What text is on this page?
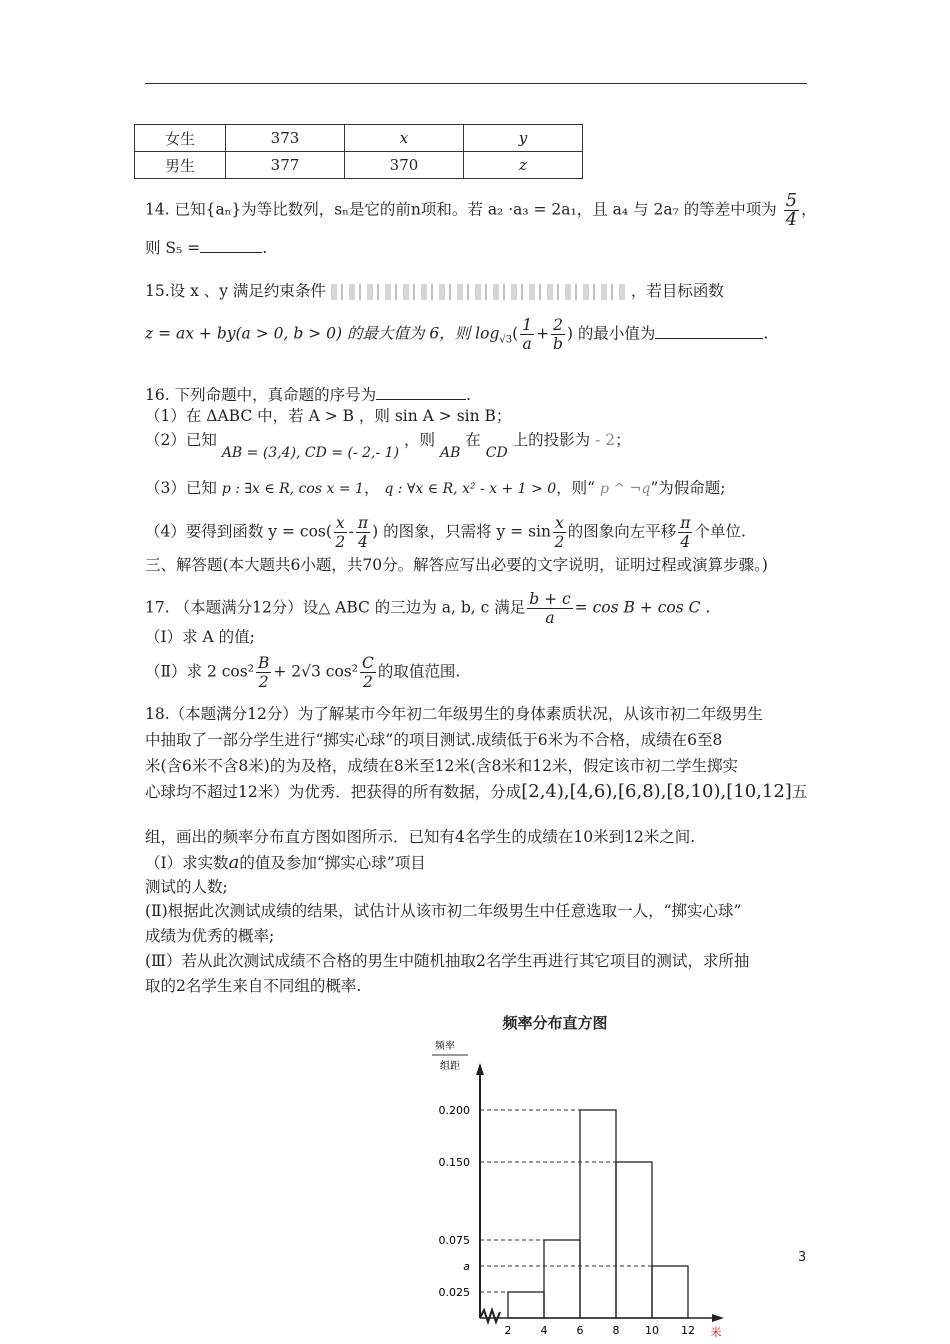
女生	373	x	y
男生	377	370	z
14. 已知{aₙ}为等比数列，sₙ是它的前n项和。若 a₂ ·a₃ = 2a₁，且 a₄ 与 2a₇ 的等差中项为 $\frac{5}{4}$ ，
则 S₅ =	.
15.设 x 、y 满足约束条件	，若目标函数
z = ax + by(a > 0, b > 0) 的最大值为 6，则 $\log_{√3}( \frac{1}{a} + \frac{2}{b}$ ) 的最小值为	.
16. 下列命题中，真命题的序号为	.
（1）在 ΔABC 中，若 A > B ，则 sin A > sin B；
（2）已知 AB = (3,4), CD = (- 2,- 1) ，则 AB 在 CD 上的投影为 - 2；
（3）已知 p : ∃x ∈ R, cos x = 1， q : ∀x ∈ R, x² - x + 1 > 0，则“ p ^ ¬q”为假命题;
（4）要得到函数 $y = \cos( \frac{x}{2} - \frac{\pi}{4}$ ) 的图象，只需将 $y = \sin \frac{x}{2}$ 的图象向左平移 $\frac{\pi}{4}$ 个单位.
三、解答题(本大题共6小题，共70分。解答应写出必要的文字说明，证明过程或演算步骤。)
17. （本题满分12分）设△ ABC 的三边为 a, b, c 满足 $\frac{b + c}{a} = \cos B + \cos C$ .
（Ⅰ）求 A 的值;
（Ⅱ）求 2 $\cos^2 \frac{B}{2} + 2√3$ $\cos^2 \frac{C}{2}$ 的取值范围.
18.（本题满分12分）为了解某市今年初二年级男生的身体素质状况，从该市初二年级男生
中抽取了一部分学生进行“掷实心球”的项目测试.成绩低于6米为不合格，成绩在6至8
米(含6米不含8米)的为及格，成绩在8米至12米(含8米和12米，假定该市初二学生掷实
心球均不超过12米）为优秀．把获得的所有数据，分成[2,4),[4,6),[6,8),[8,10),[10,12]五
组，画出的频率分布直方图如图所示．已知有4名学生的成绩在10米到12米之间.
（Ⅰ）求实数a的值及参加“掷实心球”项目
测试的人数;
(Ⅱ)根据此次测试成绩的结果，试估计从该市初二年级男生中任意选取一人，“掷实心球”
成绩为优秀的概率;
(Ⅲ）若从此次测试成绩不合格的男生中随机抽取2名学生再进行其它项目的测试，求所抽
取的2名学生来自不同组的概率.
频率分布直方图
频率
组距
0.025
a
0.075
0.150
0.200
2	4	6	8 10 12 米
3
